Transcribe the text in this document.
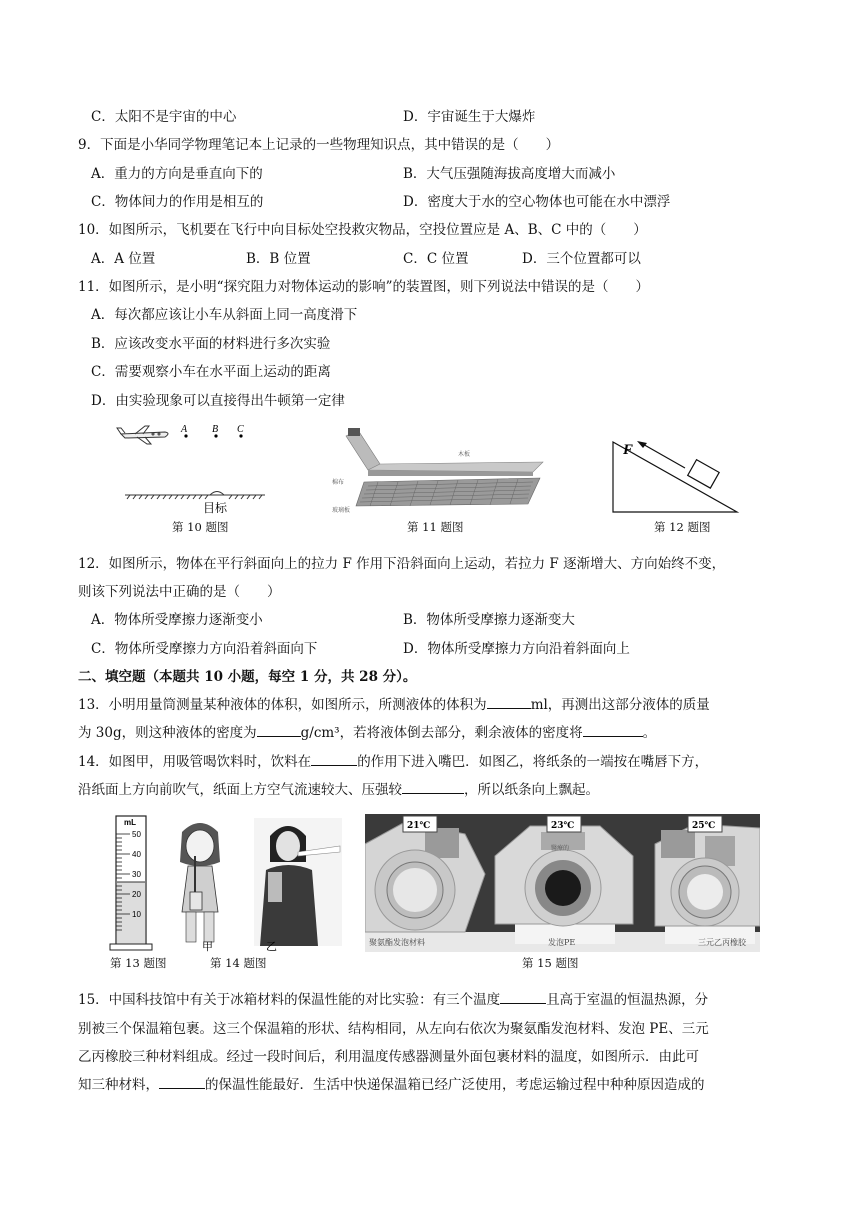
C．太阳不是宇宙的中心	D．宇宙诞生于大爆炸
9．下面是小华同学物理笔记本上记录的一些物理知识点，其中错误的是（　　）
A．重力的方向是垂直向下的	B．大气压强随海拔高度增大而减小
C．物体间力的作用是相互的	D．密度大于水的空心物体也可能在水中漂浮
10．如图所示，飞机要在飞行中向目标处空投救灾物品，空投位置应是 A、B、C 中的（　　）
A．A 位置	B．B 位置	C．C 位置	D．三个位置都可以
11．如图所示，是小明“探究阻力对物体运动的影响”的装置图，则下列说法中错误的是（　　）
A．每次都应该让小车从斜面上同一高度滑下
B．应该改变水平面的材料进行多次实验
C．需要观察小车在水平面上运动的距离
D．由实验现象可以直接得出牛顿第一定律
A B C
目标
第 10 题图
木板
棉布
玻璃板
第 11 题图
F
第 12 题图
12．如图所示，物体在平行斜面向上的拉力 F 作用下沿斜面向上运动，若拉力 F 逐渐增大、方向始终不变，
则该下列说法中正确的是（　　）
A．物体所受摩擦力逐渐变小	B．物体所受摩擦力逐渐变大
C．物体所受摩擦力方向沿着斜面向下	D．物体所受摩擦力方向沿着斜面向上
二、填空题（本题共 10 小题，每空 1 分，共 28 分）。
13．小明用量筒测量某种液体的体积，如图所示，所测液体的体积为	ml，再测出这部分液体的质量
为 30g，则这种液体的密度为	g/cm³，若将液体倒去部分，剩余液体的密度将	。
14．如图甲，用吸管喝饮料时，饮料在	的作用下进入嘴巴．如图乙，将纸条的一端按在嘴唇下方，
沿纸面上方向前吹气，纸面上方空气流速较大、压强较	，所以纸条向上飘起。
mL
50
40
30
20
10
甲	乙
第 13 题图	第 14 题图
21℃	23℃	25℃
醫療的
聚氨酯发泡材料	发泡PE	三元乙丙橡胶
第 15 题图
15．中国科技馆中有关于冰箱材料的保温性能的对比实验：有三个温度	且高于室温的恒温热源，分
别被三个保温箱包裹。这三个保温箱的形状、结构相同，从左向右依次为聚氨酯发泡材料、发泡 PE、三元
乙丙橡胶三种材料组成。经过一段时间后，利用温度传感器测量外面包裹材料的温度，如图所示．由此可
知三种材料，	的保温性能最好．生活中快递保温箱已经广泛使用，考虑运输过程中种种原因造成的
